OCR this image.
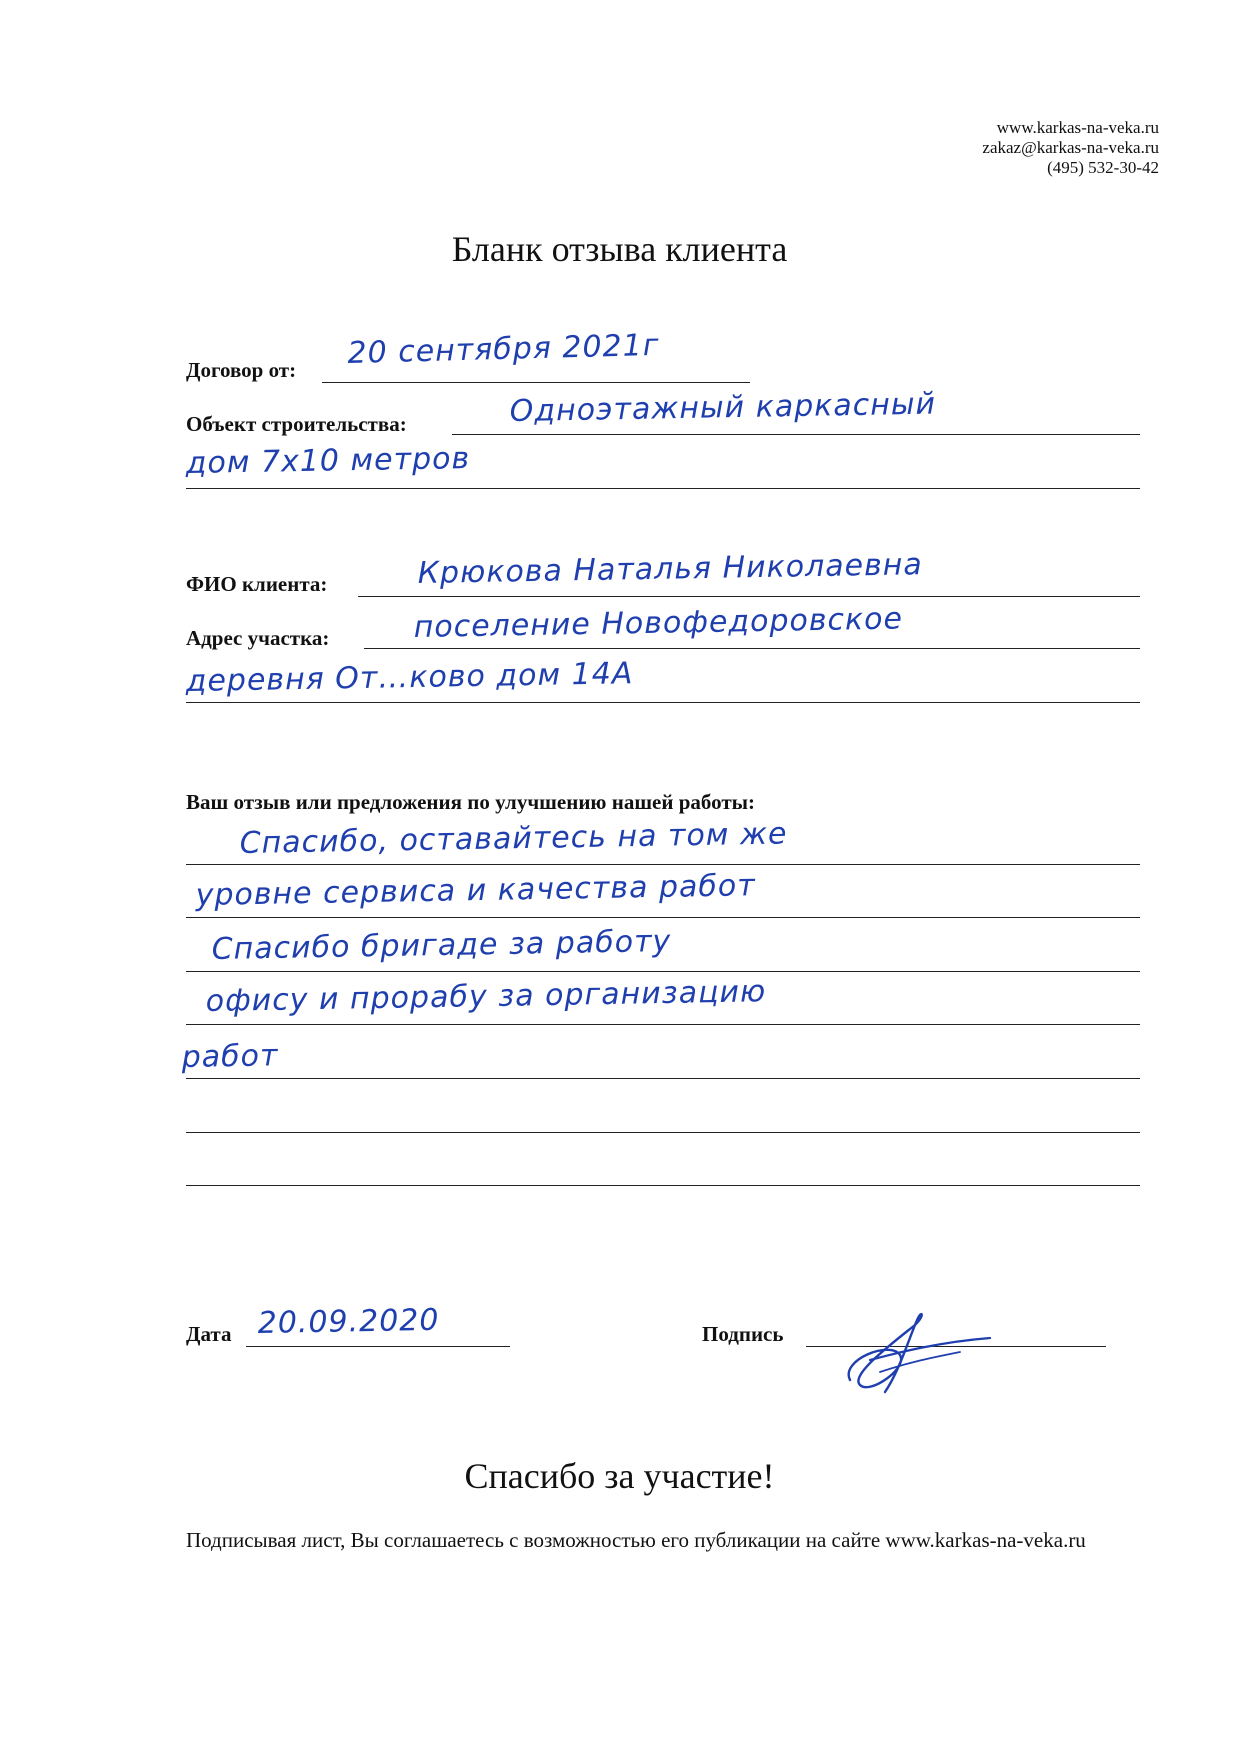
www.karkas-na-veka.ru
zakaz@karkas-na-veka.ru
(495) 532-30-42
Бланк отзыва клиента
Договор от: 20 сентября 2021г
Объект строительства:	Одноэтажный каркасный
дом 7х10 метров
ФИО клиента:	Крюкова Наталья Николаевна
Адрес участка:	поселение Новофедоровское
деревня От…ково дом 14А
Ваш отзыв или предложения по улучшению нашей работы:
Спасибо, оставайтесь на том же
уровне сервиса и качества работ
Спасибо бригаде за работу
офису и прорабу за организацию
работ
Дата 20.09.2020	Подпись
Спасибо за участие!
Подписывая лист, Вы соглашаетесь с возможностью его публикации на сайте www.karkas-na-veka.ru
